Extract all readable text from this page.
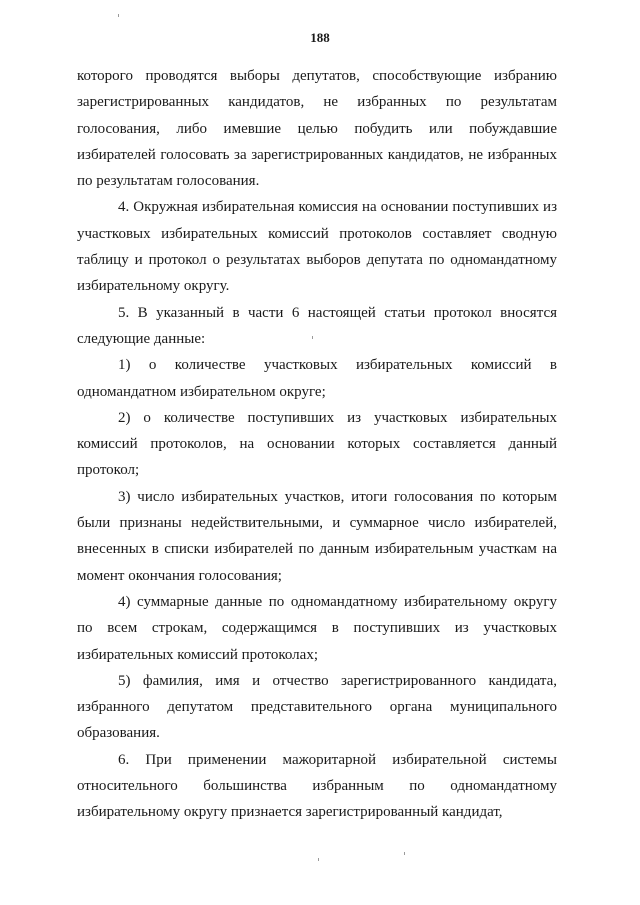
188

которого проводятся выборы депутатов, способствующие избранию зарегистрированных кандидатов, не избранных по результатам голосования, либо имевшие целью побудить или побуждавшие избирателей голосовать за зарегистрированных кандидатов, не избранных по результатам голосования.

4. Окружная избирательная комиссия на основании поступивших из участковых избирательных комиссий протоколов составляет сводную таблицу и протокол о результатах выборов депутата по одномандатному избирательному округу.

5. В указанный в части 6 настоящей статьи протокол вносятся следующие данные:

1) о количестве участковых избирательных комиссий в одномандатном избирательном округе;

2) о количестве поступивших из участковых избирательных комиссий протоколов, на основании которых составляется данный протокол;

3) число избирательных участков, итоги голосования по которым были признаны недействительными, и суммарное число избирателей, внесенных в списки избирателей по данным избирательным участкам на момент окончания голосования;

4) суммарные данные по одномандатному избирательному округу по всем строкам, содержащимся в поступивших из участковых избирательных комиссий протоколах;

5) фамилия, имя и отчество зарегистрированного кандидата, избранного депутатом представительного органа муниципального образования.

6. При применении мажоритарной избирательной системы относительного большинства избранным по одномандатному избирательному округу признается зарегистрированный кандидат,
